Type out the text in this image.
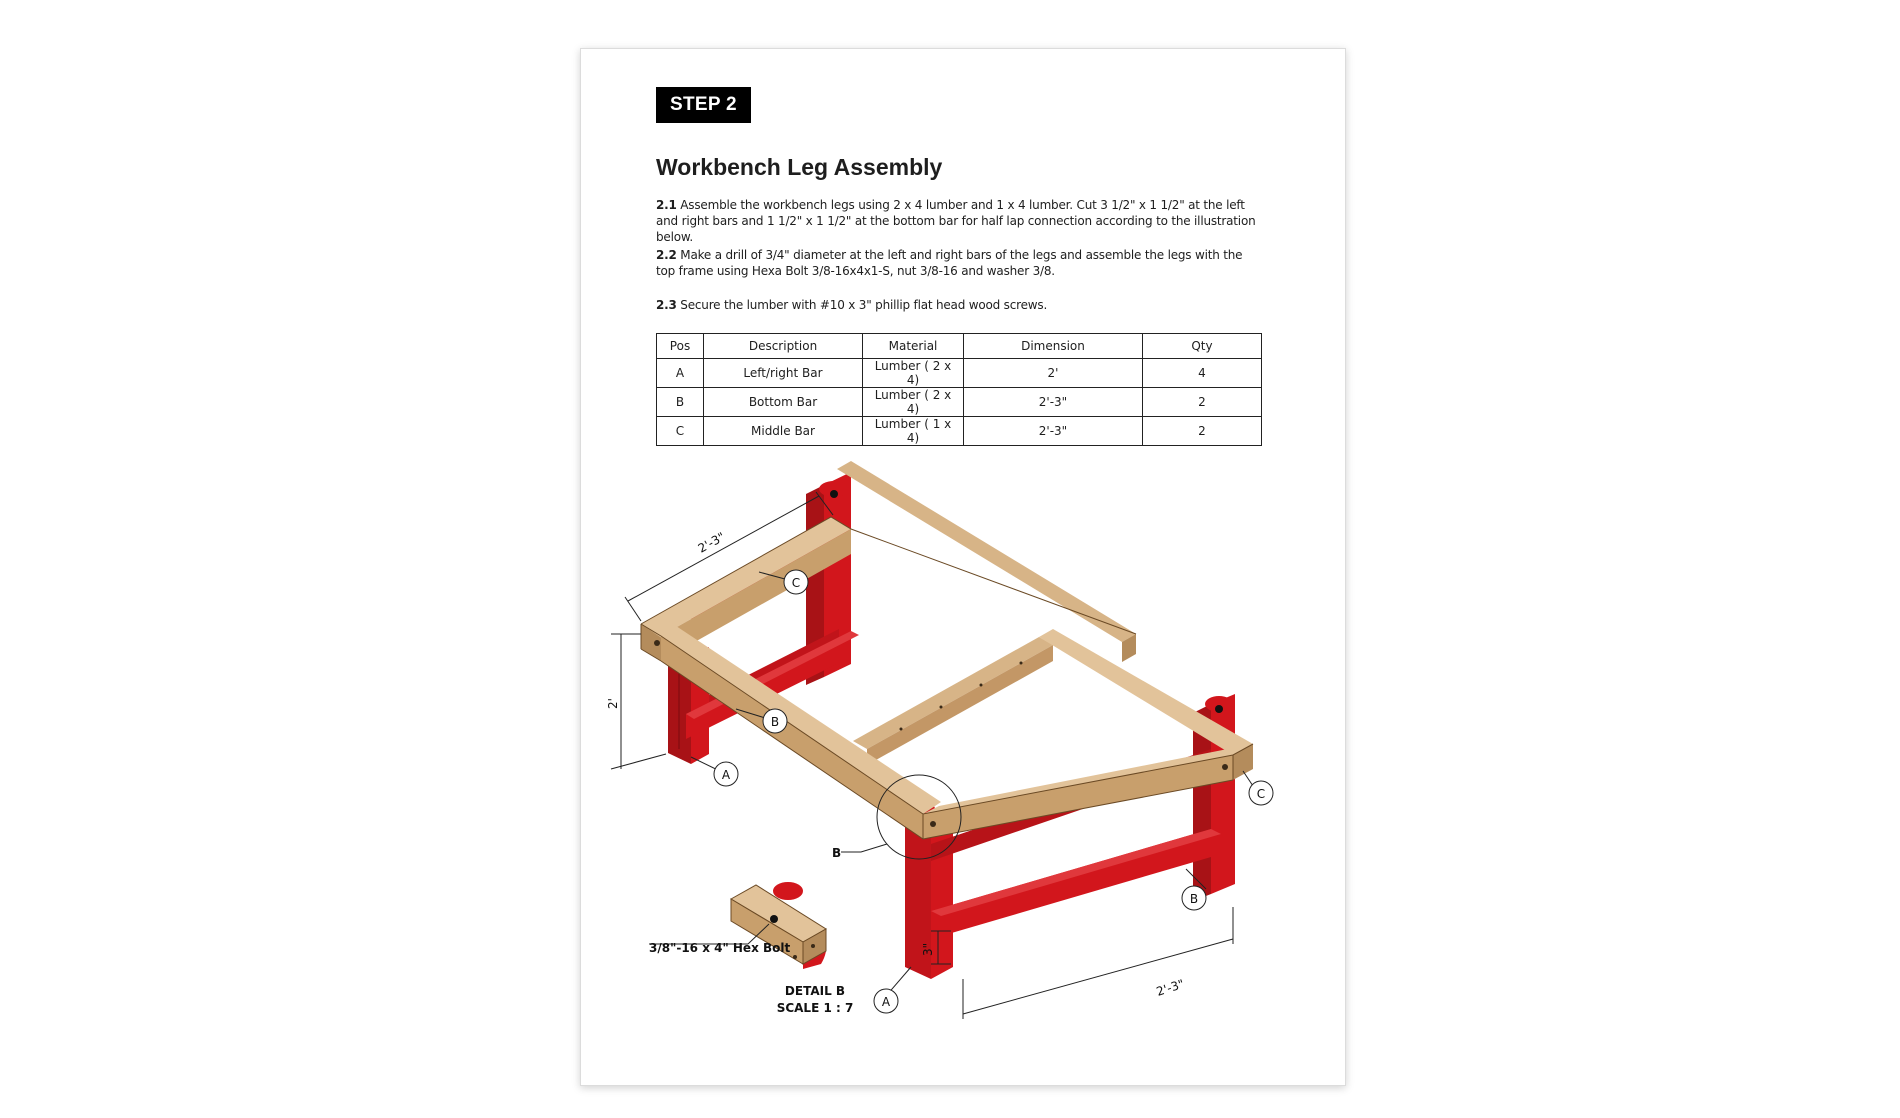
STEP 2
Workbench Leg Assembly
2.1 Assemble the workbench legs using 2 x 4 lumber and 1 x 4 lumber. Cut 3 1/2" x 1 1/2" at the left and right bars and 1 1/2" x 1 1/2" at the bottom bar for half lap connection according to the illustration below.
2.2 Make a drill of 3/4" diameter at the left and right bars of the legs and assemble the legs with the top frame using Hexa Bolt 3/8-16x4x1-S, nut 3/8-16 and washer 3/8.
2.3 Secure the lumber with #10 x 3" phillip flat head wood screws.
Pos	Description	Material	Dimension	Qty
A	Left/right Bar	Lumber ( 2 x 4)	2'	4
B	Bottom Bar	Lumber ( 2 x 4)	2'-3"	2
C	Middle Bar	Lumber ( 1 x 4)	2'-3"	2
2'-3"
2'
2'-3"
3"
C
B
A
C
B
A
B
3/8"-16 x 4" Hex Bolt
DETAIL B
SCALE 1 : 7
